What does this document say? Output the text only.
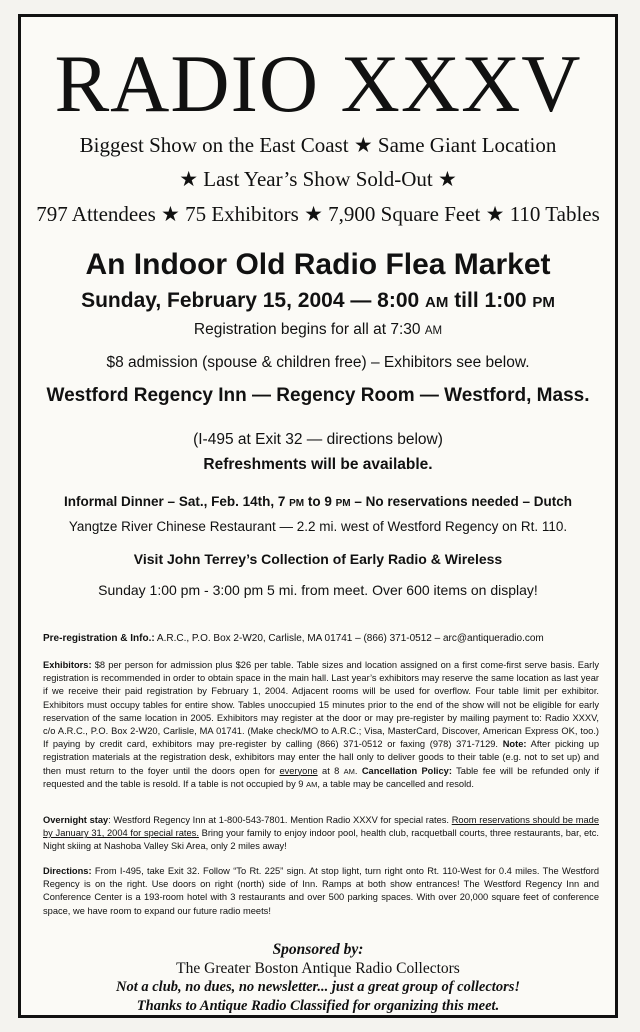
RADIO XXXV
Biggest Show on the East Coast ★ Same Giant Location
★ Last Year’s Show Sold-Out ★
797 Attendees ★ 75 Exhibitors ★ 7,900 Square Feet ★ 110 Tables
An Indoor Old Radio Flea Market
Sunday, February 15, 2004 — 8:00 AM till 1:00 PM
Registration begins for all at 7:30 AM
$8 admission (spouse & children free) – Exhibitors see below.
Westford Regency Inn — Regency Room — Westford, Mass.
(I-495 at Exit 32 — directions below)
Refreshments will be available.
Informal Dinner – Sat., Feb. 14th, 7 PM to 9 PM – No reservations needed – Dutch
Yangtze River Chinese Restaurant — 2.2 mi. west of Westford Regency on Rt. 110.
Visit John Terrey’s Collection of Early Radio & Wireless
Sunday 1:00 pm - 3:00 pm 5 mi. from meet. Over 600 items on display!
Pre-registration & Info.: A.R.C., P.O. Box 2-W20, Carlisle, MA 01741 – (866) 371-0512 – arc@antiqueradio.com
Exhibitors: $8 per person for admission plus $26 per table. Table sizes and location assigned on a first come-first serve basis. Early registration is recommended in order to obtain space in the main hall. Last year’s exhibitors may reserve the same location as last year if we receive their paid registration by February 1, 2004. Adjacent rooms will be used for overflow. Four table limit per exhibitor. Exhibitors must occupy tables for entire show. Tables unoccupied 15 minutes prior to the end of the show will not be eligible for early reservation of the same location in 2005. Exhibitors may register at the door or may pre-register by mailing payment to: Radio XXXV, c/o A.R.C., P.O. Box 2-W20, Carlisle, MA 01741. (Make check/MO to A.R.C.; Visa, MasterCard, Discover, American Express OK, too.) If paying by credit card, exhibitors may pre-register by calling (866) 371-0512 or faxing (978) 371-7129. Note: After picking up registration materials at the registration desk, exhibitors may enter the hall only to deliver goods to their table (e.g. not to set up) and then must return to the foyer until the doors open for everyone at 8 AM. Cancellation Policy: Table fee will be refunded only if requested and the table is resold. If a table is not occupied by 9 AM, a table may be cancelled and resold.
Overnight stay: Westford Regency Inn at 1-800-543-7801. Mention Radio XXXV for special rates. Room reservations should be made by January 31, 2004 for special rates. Bring your family to enjoy indoor pool, health club, racquetball courts, three restaurants, bar, etc. Night skiing at Nashoba Valley Ski Area, only 2 miles away!
Directions: From I-495, take Exit 32. Follow “To Rt. 225” sign. At stop light, turn right onto Rt. 110-West for 0.4 miles. The Westford Regency is on the right. Use doors on right (north) side of Inn. Ramps at both show entrances! The Westford Regency Inn and Conference Center is a 193-room hotel with 3 restaurants and over 500 parking spaces. With over 20,000 square feet of conference space, we have room to expand our future radio meets!
Sponsored by:
The Greater Boston Antique Radio Collectors
Not a club, no dues, no newsletter... just a great group of collectors!
Thanks to Antique Radio Classified for organizing this meet.
